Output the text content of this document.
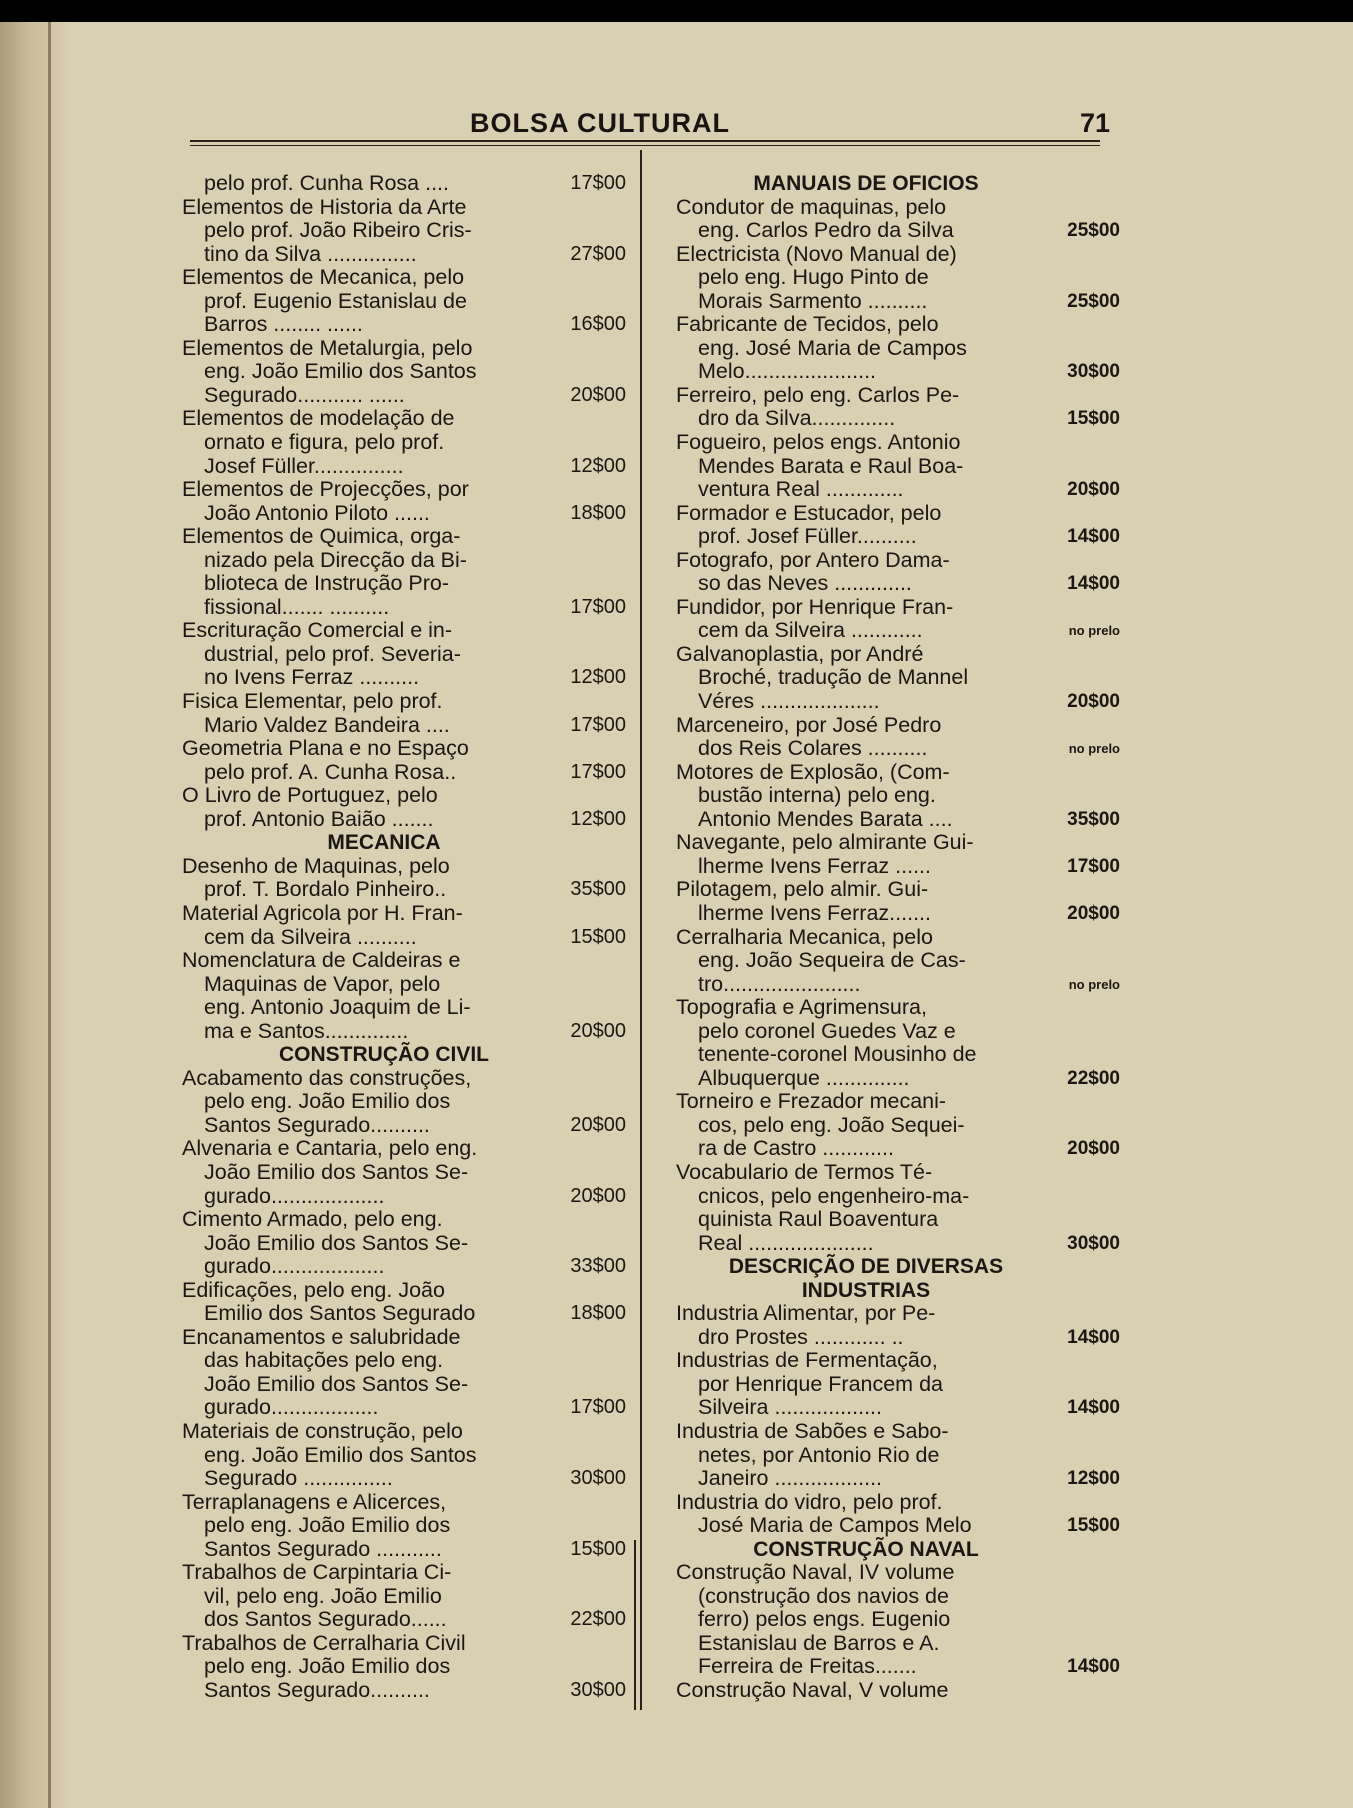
BOLSA CULTURAL	71
pelo prof. Cunha Rosa ....	17$00
Elementos de Historia da Arte
pelo prof. João Ribeiro Cris-
tino da Silva ...............	27$00
Elementos de Mecanica, pelo
prof. Eugenio Estanislau de
Barros ........ ......	16$00
Elementos de Metalurgia, pelo
eng. João Emilio dos Santos
Segurado........... ......	20$00
Elementos de modelação de
ornato e figura, pelo prof.
Josef Füller...............	12$00
Elementos de Projecções, por
João Antonio Piloto ......	18$00
Elementos de Quimica, orga-
nizado pela Direcção da Bi-
blioteca de Instrução Pro-
fissional....... ..........	17$00
Escrituração Comercial e in-
dustrial, pelo prof. Severia-
no Ivens Ferraz ..........	12$00
Fisica Elementar, pelo prof.
Mario Valdez Bandeira ....	17$00
Geometria Plana e no Espaço
pelo prof. A. Cunha Rosa..	17$00
O Livro de Portuguez, pelo
prof. Antonio Baião .......	12$00
MECANICA
Desenho de Maquinas, pelo
prof. T. Bordalo Pinheiro..	35$00
Material Agricola por H. Fran-
cem da Silveira ..........	15$00
Nomenclatura de Caldeiras e
Maquinas de Vapor, pelo
eng. Antonio Joaquim de Li-
ma e Santos..............	20$00
CONSTRUÇÃO CIVIL
Acabamento das construções,
pelo eng. João Emilio dos
Santos Segurado..........	20$00
Alvenaria e Cantaria, pelo eng.
João Emilio dos Santos Se-
gurado...................	20$00
Cimento Armado, pelo eng.
João Emilio dos Santos Se-
gurado...................	33$00
Edificações, pelo eng. João
Emilio dos Santos Segurado	18$00
Encanamentos e salubridade
das habitações pelo eng.
João Emilio dos Santos Se-
gurado..................	17$00
Materiais de construção, pelo
eng. João Emilio dos Santos
Segurado ...............	30$00
Terraplanagens e Alicerces,
pelo eng. João Emilio dos
Santos Segurado ...........	15$00
Trabalhos de Carpintaria Ci-
vil, pelo eng. João Emilio
dos Santos Segurado......	22$00
Trabalhos de Cerralharia Civil
pelo eng. João Emilio dos
Santos Segurado..........	30$00
MANUAIS DE OFICIOS
Condutor de maquinas, pelo
eng. Carlos Pedro da Silva	25$00
Electricista (Novo Manual de)
pelo eng. Hugo Pinto de
Morais Sarmento ..........	25$00
Fabricante de Tecidos, pelo
eng. José Maria de Campos
Melo......................	30$00
Ferreiro, pelo eng. Carlos Pe-
dro da Silva..............	15$00
Fogueiro, pelos engs. Antonio
Mendes Barata e Raul Boa-
ventura Real .............	20$00
Formador e Estucador, pelo
prof. Josef Füller..........	14$00
Fotografo, por Antero Dama-
so das Neves .............	14$00
Fundidor, por Henrique Fran-
cem da Silveira ............	no prelo
Galvanoplastia, por André
Broché, tradução de Mannel
Véres ....................	20$00
Marceneiro, por José Pedro
dos Reis Colares ..........	no prelo
Motores de Explosão, (Com-
bustão interna) pelo eng.
Antonio Mendes Barata ....	35$00
Navegante, pelo almirante Gui-
lherme Ivens Ferraz ......	17$00
Pilotagem, pelo almir. Gui-
lherme Ivens Ferraz.......	20$00
Cerralharia Mecanica, pelo
eng. João Sequeira de Cas-
tro.......................	no prelo
Topografia e Agrimensura,
pelo coronel Guedes Vaz e
tenente-coronel Mousinho de
Albuquerque ..............	22$00
Torneiro e Frezador mecani-
cos, pelo eng. João Sequei-
ra de Castro ............	20$00
Vocabulario de Termos Té-
cnicos, pelo engenheiro-ma-
quinista Raul Boaventura
Real .....................	30$00
DESCRIÇÃO DE DIVERSAS
INDUSTRIAS
Industria Alimentar, por Pe-
dro Prostes ............ ..	14$00
Industrias de Fermentação,
por Henrique Francem da
Silveira ..................	14$00
Industria de Sabões e Sabo-
netes, por Antonio Rio de
Janeiro ..................	12$00
Industria do vidro, pelo prof.
José Maria de Campos Melo	15$00
CONSTRUÇÃO NAVAL
Construção Naval, IV volume
(construção dos navios de
ferro) pelos engs. Eugenio
Estanislau de Barros e A.
Ferreira de Freitas.......	14$00
Construção Naval, V volume
